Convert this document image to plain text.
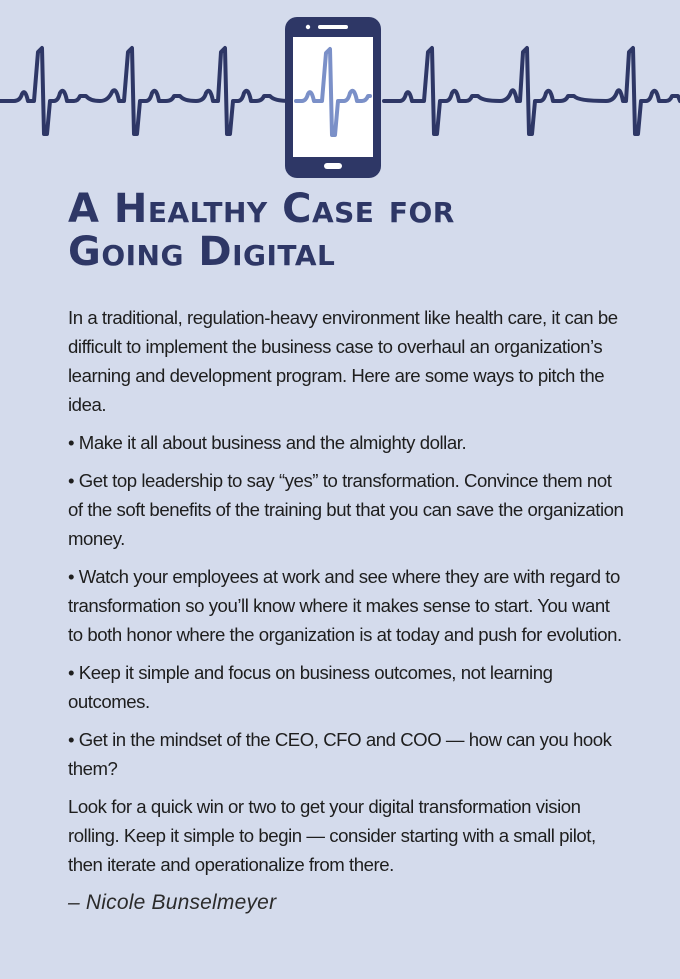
A Healthy Case for
Going Digital

In a traditional, regulation-heavy environment like health care, it can be difficult to implement the business case to overhaul an organization’s learning and development program. Here are some ways to pitch the idea.

• Make it all about business and the almighty dollar.

• Get top leadership to say “yes” to transformation. Convince them not of the soft benefits of the training but that you can save the organization money.

• Watch your employees at work and see where they are with regard to transformation so you’ll know where it makes sense to start. You want to both honor where the organization is at today and push for evolution.

• Keep it simple and focus on business outcomes, not learning outcomes.

• Get in the mindset of the CEO, CFO and COO — how can you hook them?

Look for a quick win or two to get your digital transformation vision rolling. Keep it simple to begin — consider starting with a small pilot, then iterate and operationalize from there.

– Nicole Bunselmeyer
